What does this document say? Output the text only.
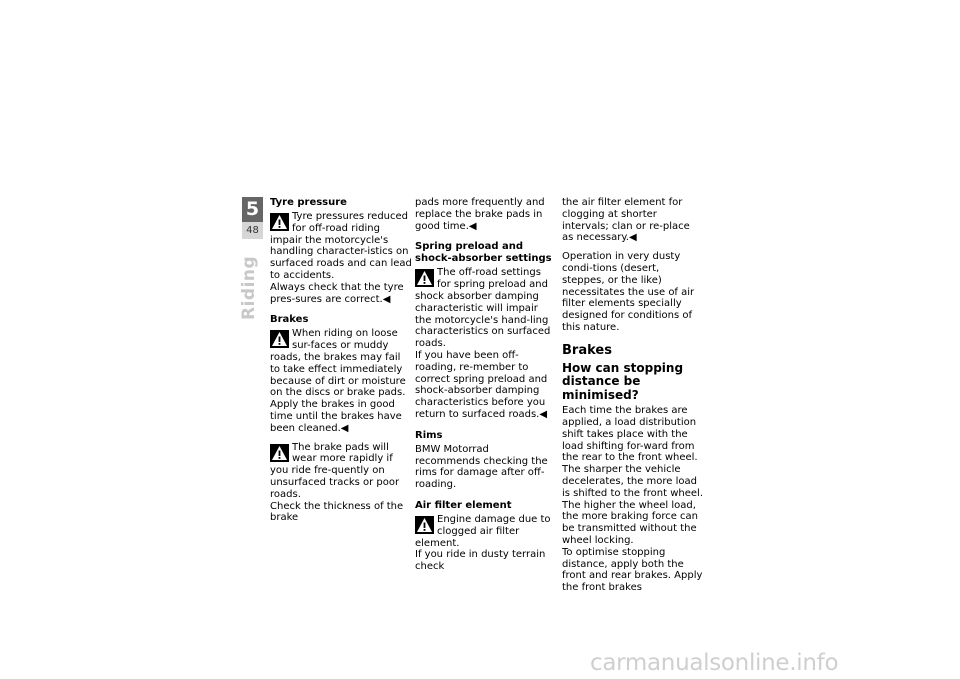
5
48
Riding
Tyre pressure
Tyre pressures reduced for off-road riding impair the motorcycle's handling character-istics on surfaced roads and can lead to accidents.

Always check that the tyre pres-sures are correct.◀

Brakes
When riding on loose sur-faces or muddy roads, the brakes may fail to take effect immediately because of dirt or moisture on the discs or brake pads.

Apply the brakes in good time until the brakes have been cleaned.◀

The brake pads will wear more rapidly if you ride fre-quently on unsurfaced tracks or poor roads.

Check the thickness of the brake

pads more frequently and replace the brake pads in good time.◀

Spring preload and shock-absorber settings
The off-road settings for spring preload and shock absorber damping characteristic will impair the motorcycle's hand-ling characteristics on surfaced roads.

If you have been off-roading, re-member to correct spring preload and shock-absorber damping characteristics before you return to surfaced roads.◀

Rims

BMW Motorrad recommends checking the rims for damage after off-roading.

Air filter element
Engine damage due to clogged air filter element.

If you ride in dusty terrain check

the air filter element for clogging at shorter intervals; clan or re-place as necessary.◀

Operation in very dusty condi-tions (desert, steppes, or the like) necessitates the use of air filter elements specially designed for conditions of this nature.

Brakes
How can stopping distance be minimised?

Each time the brakes are applied, a load distribution shift takes place with the load shifting for-ward from the rear to the front wheel. The sharper the vehicle decelerates, the more load is shifted to the front wheel. The higher the wheel load, the more braking force can be transmitted without the wheel locking.

To optimise stopping distance, apply both the front and rear brakes. Apply the front brakes

carmanualsonline.info
